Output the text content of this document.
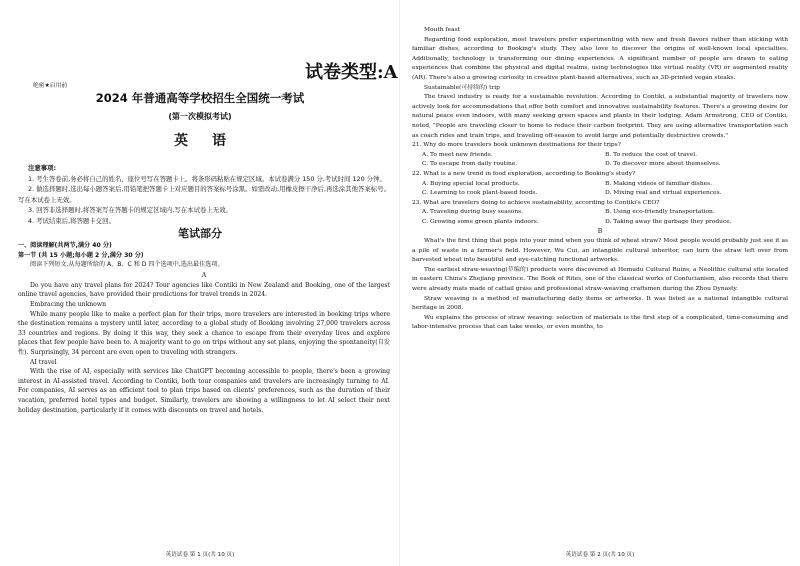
试卷类型:A
绝密★启用前
2024 年普通高等学校招生全国统一考试
(第一次模拟考试)
英语

注意事项:

1. 考生答卷前,务必将自己的姓名、座位号写在答题卡上。将条形码粘贴在规定区域。本试卷满分 150 分,考试时间 120 分钟。

2. 做选择题时,选出每小题答案后,用铅笔把答题卡上对应题目的答案标号涂黑。如需改动,用橡皮擦干净后,再选涂其他答案标号。写在本试卷上无效。

3. 回答非选择题时,将答案写在答题卡的规定区域内,写在本试卷上无效。

4. 考试结束后,将答题卡交回。

笔试部分

一、阅读理解(共两节,满分 40 分)

第一节 (共 15 小题;每小题 2 分,满分 30 分)

阅读下列短文,从每题所给的 A、B、C 和 D 四个选项中,选出最佳选项。

A

Do you have any travel plans for 2024? Tour agencies like Contiki in New Zealand and Booking, one of the largest online travel agencies, have provided their predictions for travel trends in 2024.

Embracing the unknown

While many people like to make a perfect plan for their trips, more travelers are interested in booking trips where the destination remains a mystery until later, according to a global study of Booking involving 27,000 travelers across 33 countries and regions. By doing it this way, they seek a chance to escape from their everyday lives and explore places that few people have been to. A majority want to go on trips without any set plans, enjoying the spontaneity(自发性). Surprisingly, 34 percent are even open to traveling with strangers.

AI travel

With the rise of AI, especially with services like ChatGPT becoming accessible to people, there's been a growing interest in AI-assisted travel. According to Contiki, both tour companies and travelers are increasingly turning to AI. For companies, AI serves as an efficient tool to plan trips based on clients' preferences, such as the duration of their vacation, preferred hotel types and budget. Similarly, travelers are showing a willingness to let AI select their next holiday destination, particularly if it comes with discounts on travel and hotels.

英语试卷 第 1 页(共 10 页)

Mouth feast

Regarding food exploration, most travelers prefer experimenting with new and fresh flavors rather than sticking with familiar dishes, according to Booking's study. They also love to discover the origins of well-known local specialties. Additionally, technology is transforming our dining experiences. A significant number of people are drawn to eating experiences that combine the physical and digital realms, using technologies like virtual reality (VR) or augmented reality (AR). There's also a growing curiosity in creative plant-based alternatives, such as 3D-printed vegan steaks.

Sustainable(可持续的) trip

The travel industry is ready for a sustainable revolution. According to Contiki, a substantial majority of travelers now actively look for accommodations that offer both comfort and innovative sustainability features. There's a growing desire for natural peace even indoors, with many seeking green spaces and plants in their lodging. Adam Armstrong, CEO of Contiki, noted, "People are traveling closer to home to reduce their carbon footprint. They are using alternative transportation such as coach rides and train trips, and traveling off-season to avoid large and potentially destructive crowds."

21. Why do more travelers book unknown destinations for their trips?

A. To meet new friends.	B. To reduce the cost of travel.
C. To escape from daily routine.	D. To discover more about themselves.

22. What is a new trend in food exploration, according to Booking's study?

A. Buying special local products.	B. Making videos of familiar dishes.
C. Learning to cook plant-based foods.	D. Mixing real and virtual experiences.

23. What are travelers doing to achieve sustainability, according to Contiki's CEO?

A. Traveling during busy seasons.	B. Using eco-friendly transportation.
C. Growing some green plants indoors.	D. Taking away the garbage they produce.

B

What's the first thing that pops into your mind when you think of wheat straw? Most people would probably just see it as a pile of waste in a farmer's field. However, Wu Cui, an intangible cultural inheritor, can turn the straw left over from harvested wheat into beautiful and eye-catching functional artworks.

The earliest straw-weaving(草编的) products were discovered at Hemudu Cultural Ruins, a Neolithic cultural site located in eastern China's Zhejiang province. The Book of Rites, one of the classical works of Confucianism, also records that there were already mats made of cattail grass and professional straw-weaving craftsmen during the Zhou Dynasty.

Straw weaving is a method of manufacturing daily items or artworks. It was listed as a national intangible cultural heritage in 2008.

Wu explains the process of straw weaving: selection of materials is the first step of a complicated, time-consuming and labor-intensive process that can take weeks, or even months, to

英语试卷 第 2 页(共 10 页)
